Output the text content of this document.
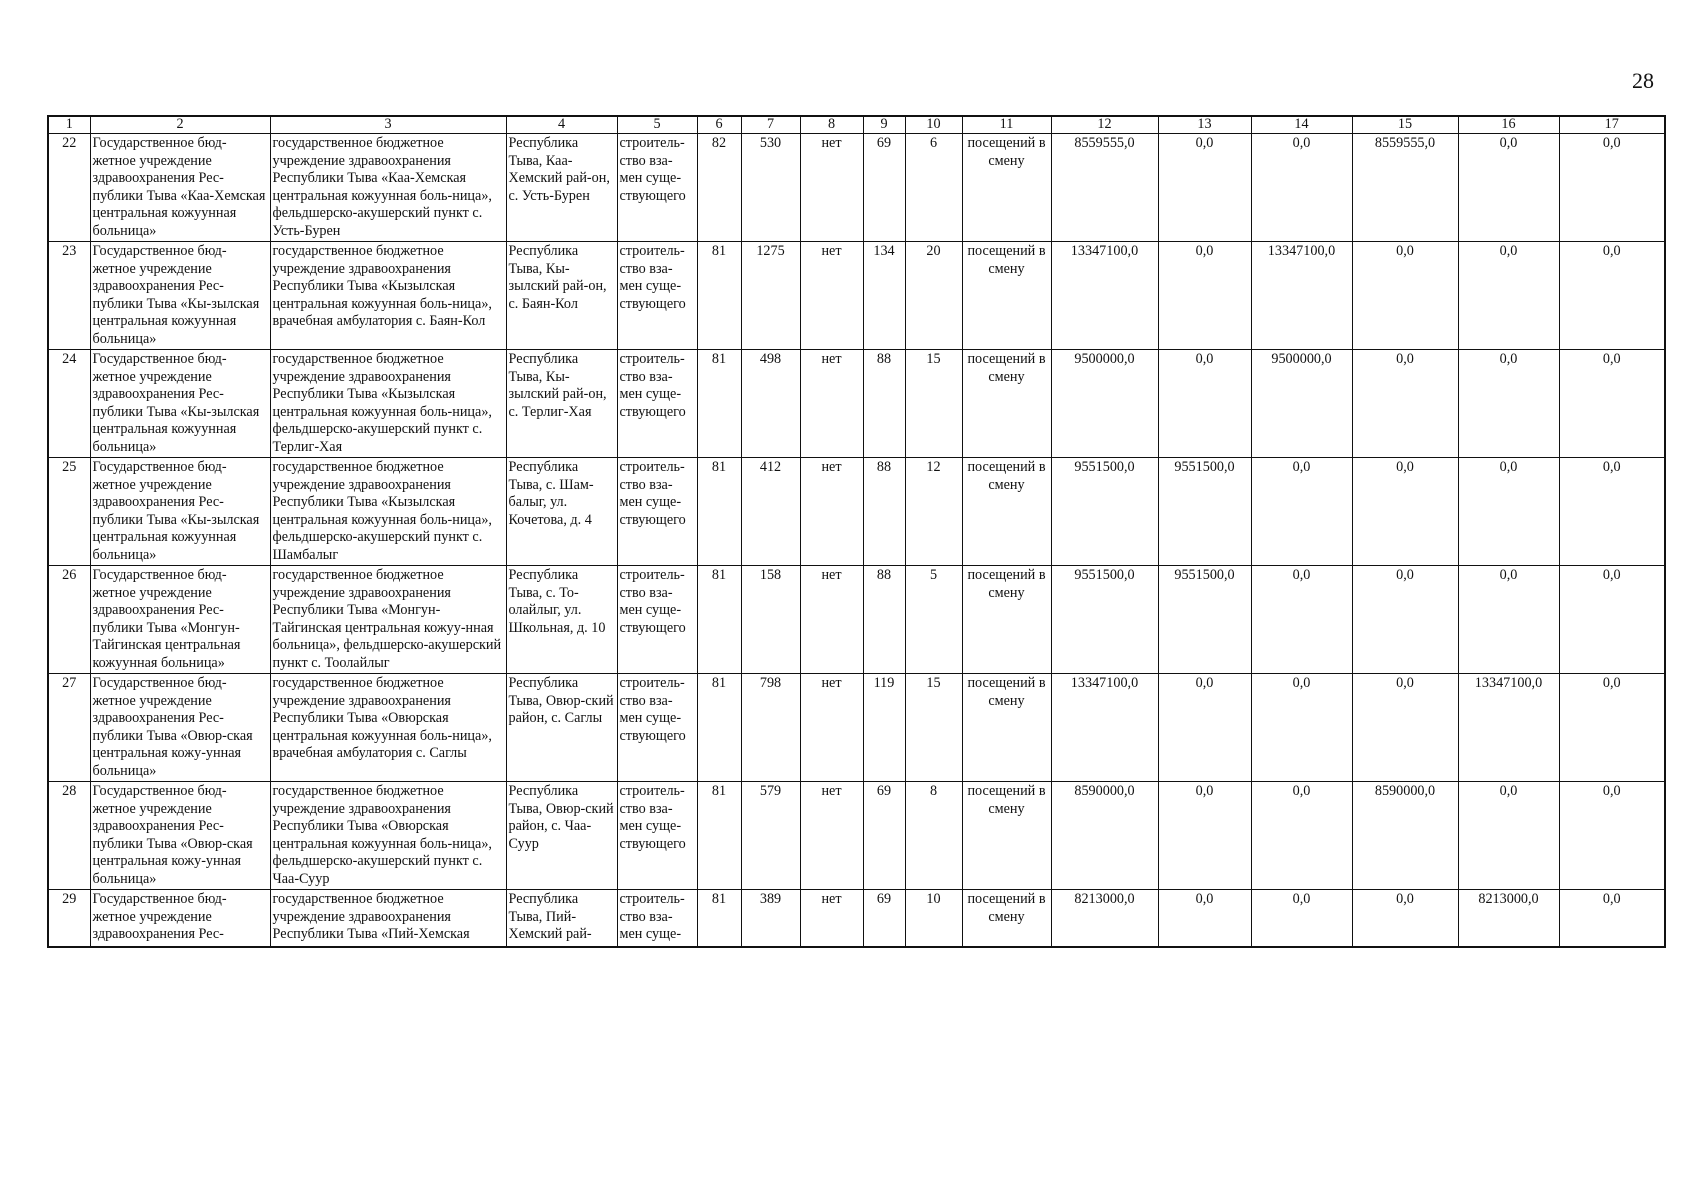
28
1	2	3	4	5	6	7	8	9	10	11	12	13	14	15	16	17
22	Государственное бюд-жетное учреждение здравоохранения Рес-публики Тыва «Каа-Хемская центральная кожуунная больница»	государственное бюджетное учреждение здравоохранения Республики Тыва «Каа-Хемская центральная кожуунная боль-ница», фельдшерско-акушерский пункт с. Усть-Бурен	Республика Тыва, Каа-Хемский рай-он, с. Усть-Бурен	строитель-ство вза-мен суще-ствующего	82	530	нет	69	6	посещений в смену	8559555,0	0,0	0,0	8559555,0	0,0	0,0
23	Государственное бюд-жетное учреждение здравоохранения Рес-публики Тыва «Кы-зылская центральная кожуунная больница»	государственное бюджетное учреждение здравоохранения Республики Тыва «Кызылская центральная кожуунная боль-ница», врачебная амбулатория с. Баян-Кол	Республика Тыва, Кы-зылский рай-он, с. Баян-Кол	строитель-ство вза-мен суще-ствующего	81	1275	нет	134	20	посещений в смену	13347100,0	0,0	13347100,0	0,0	0,0	0,0
24	Государственное бюд-жетное учреждение здравоохранения Рес-публики Тыва «Кы-зылская центральная кожуунная больница»	государственное бюджетное учреждение здравоохранения Республики Тыва «Кызылская центральная кожуунная боль-ница», фельдшерско-акушерский пункт с. Терлиг-Хая	Республика Тыва, Кы-зылский рай-он, с. Терлиг-Хая	строитель-ство вза-мен суще-ствующего	81	498	нет	88	15	посещений в смену	9500000,0	0,0	9500000,0	0,0	0,0	0,0
25	Государственное бюд-жетное учреждение здравоохранения Рес-публики Тыва «Кы-зылская центральная кожуунная больница»	государственное бюджетное учреждение здравоохранения Республики Тыва «Кызылская центральная кожуунная боль-ница», фельдшерско-акушерский пункт с. Шамбалыг	Республика Тыва, с. Шам-балыг, ул. Кочетова, д. 4	строитель-ство вза-мен суще-ствующего	81	412	нет	88	12	посещений в смену	9551500,0	9551500,0	0,0	0,0	0,0	0,0
26	Государственное бюд-жетное учреждение здравоохранения Рес-публики Тыва «Монгун-Тайгинская центральная кожуунная больница»	государственное бюджетное учреждение здравоохранения Республики Тыва «Монгун-Тайгинская центральная кожуу-нная больница», фельдшерско-акушерский пункт с. Тоолайлыг	Республика Тыва, с. То-олайлыг, ул. Школьная, д. 10	строитель-ство вза-мен суще-ствующего	81	158	нет	88	5	посещений в смену	9551500,0	9551500,0	0,0	0,0	0,0	0,0
27	Государственное бюд-жетное учреждение здравоохранения Рес-публики Тыва «Овюр-ская центральная кожу-унная больница»	государственное бюджетное учреждение здравоохранения Республики Тыва «Овюрская центральная кожуунная боль-ница», врачебная амбулатория с. Саглы	Республика Тыва, Овюр-ский район, с. Саглы	строитель-ство вза-мен суще-ствующего	81	798	нет	119	15	посещений в смену	13347100,0	0,0	0,0	0,0	13347100,0	0,0
28	Государственное бюд-жетное учреждение здравоохранения Рес-публики Тыва «Овюр-ская центральная кожу-унная больница»	государственное бюджетное учреждение здравоохранения Республики Тыва «Овюрская центральная кожуунная боль-ница», фельдшерско-акушерский пункт с. Чаа-Суур	Республика Тыва, Овюр-ский район, с. Чаа-Суур	строитель-ство вза-мен суще-ствующего	81	579	нет	69	8	посещений в смену	8590000,0	0,0	0,0	8590000,0	0,0	0,0
29	Государственное бюд-жетное учреждение здравоохранения Рес-	государственное бюджетное учреждение здравоохранения Республики Тыва «Пий-Хемская	Республика Тыва, Пий-Хемский рай-	строитель-ство вза-мен суще-	81	389	нет	69	10	посещений в смену	8213000,0	0,0	0,0	0,0	8213000,0	0,0
